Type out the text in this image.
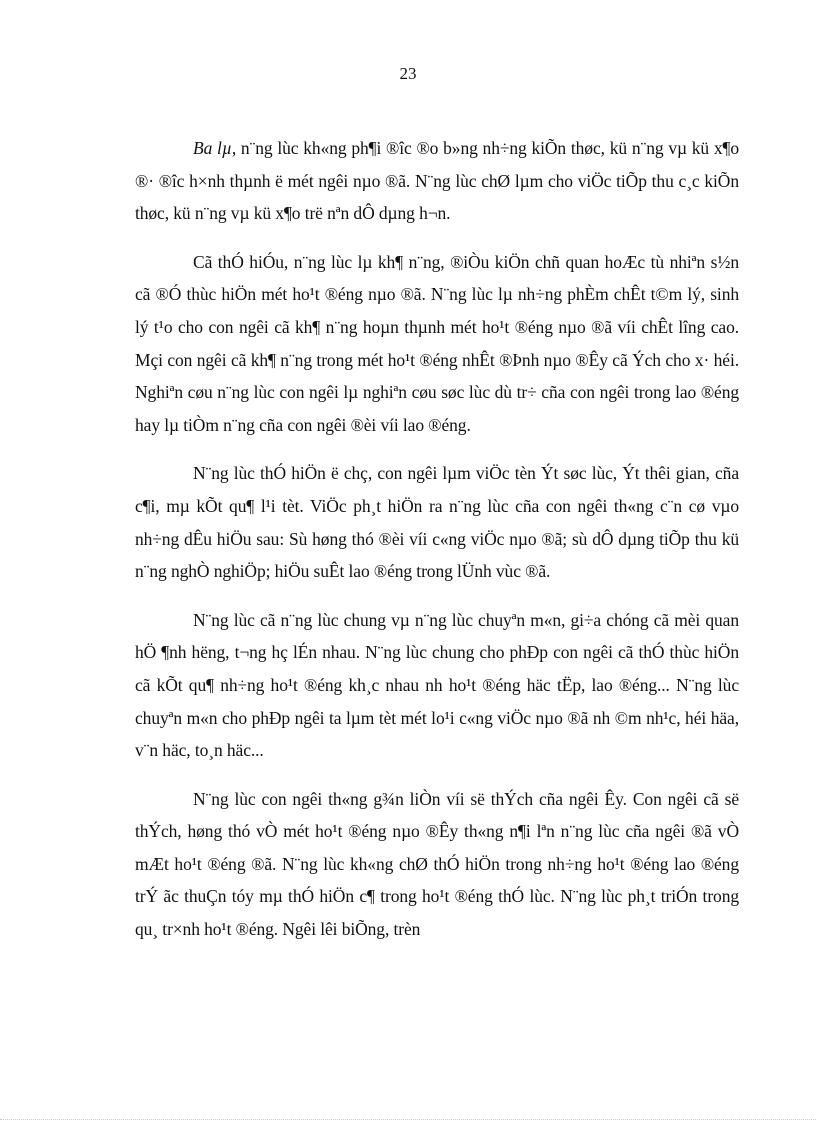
23

Ba lµ, n¨ng lùc kh«ng ph¶i ®îc ®o b»ng nh÷ng kiÕn thøc, kü n¨ng vµ kü x¶o ®· ®îc h×nh thµnh ë mét ngêi nµo ®ã. N¨ng lùc chØ lµm cho viÖc tiÕp thu c¸c kiÕn thøc, kü n¨ng vµ kü x¶o trë nªn dÔ dµng h¬n.

Cã thÓ hiÓu, n¨ng lùc lµ kh¶ n¨ng, ®iÒu kiÖn chñ quan hoÆc tù nhiªn s½n cã ®Ó thùc hiÖn mét ho¹t ®éng nµo ®ã. N¨ng lùc lµ nh÷ng phÈm chÊt t©m lý, sinh lý t¹o cho con ngêi cã kh¶ n¨ng hoµn thµnh mét ho¹t ®éng nµo ®ã víi chÊt lîng cao. Mçi con ngêi cã kh¶ n¨ng trong mét ho¹t ®éng nhÊt ®Þnh nµo ®Êy cã Ých cho x· héi. Nghiªn cøu n¨ng lùc con ngêi lµ nghiªn cøu søc lùc dù tr÷ cña con ngêi trong lao ®éng hay lµ tiÒm n¨ng cña con ngêi ®èi víi lao ®éng.

N¨ng lùc thÓ hiÖn ë chç, con ngêi lµm viÖc tèn Ýt søc lùc, Ýt thêi gian, cña c¶i, mµ kÕt qu¶ l¹i tèt. ViÖc ph¸t hiÖn ra n¨ng lùc cña con ngêi th«ng c¨n cø vµo nh÷ng dÊu hiÖu sau: Sù høng thó ®èi víi c«ng viÖc nµo ®ã; sù dÔ dµng tiÕp thu kü n¨ng nghÒ nghiÖp; hiÖu suÊt lao ®éng trong lÜnh vùc ®ã.

N¨ng lùc cã n¨ng lùc chung vµ n¨ng lùc chuyªn m«n, gi÷a chóng cã mèi quan hÖ ¶nh hëng, t¬ng hç lÉn nhau. N¨ng lùc chung cho phÐp con ngêi cã thÓ thùc hiÖn cã kÕt qu¶ nh÷ng ho¹t ®éng kh¸c nhau nh ho¹t ®éng häc tËp, lao ®éng... N¨ng lùc chuyªn m«n cho phÐp ngêi ta lµm tèt mét lo¹i c«ng viÖc nµo ®ã nh ©m nh¹c, héi häa, v¨n häc, to¸n häc...

N¨ng lùc con ngêi th«ng g¾n liÒn víi së thÝch cña ngêi Êy. Con ngêi cã së thÝch, høng thó vÒ mét ho¹t ®éng nµo ®Êy th«ng n¶i lªn n¨ng lùc cña ngêi ®ã vÒ mÆt ho¹t ®éng ®ã. N¨ng lùc kh«ng chØ thÓ hiÖn trong nh÷ng ho¹t ®éng lao ®éng trÝ ãc thuÇn tóy mµ thÓ hiÖn c¶ trong ho¹t ®éng thÓ lùc. N¨ng lùc ph¸t triÓn trong qu¸ tr×nh ho¹t ®éng. Ngêi lêi biÕng, trèn
